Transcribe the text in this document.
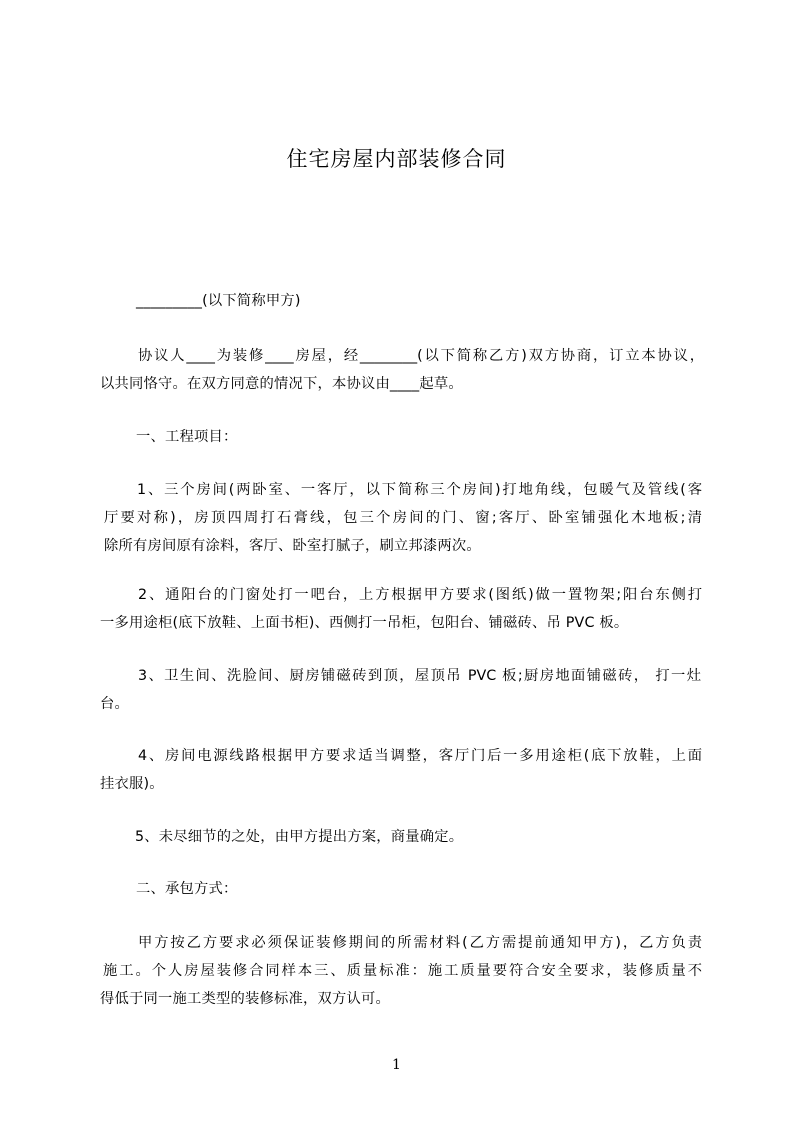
住宅房屋内部装修合同
_________(以下简称甲方)
协议人____为装修____房屋，经________(以下简称乙方)双方协商，订立本协议，
以共同恪守。在双方同意的情况下，本协议由____起草。
一、工程项目：
1、三个房间(两卧室、一客厅，以下简称三个房间)打地角线，包暖气及管线(客
厅要对称)，房顶四周打石膏线，包三个房间的门、窗;客厅、卧室铺强化木地板;清
除所有房间原有涂料，客厅、卧室打腻子，刷立邦漆两次。
2、通阳台的门窗处打一吧台，上方根据甲方要求(图纸)做一置物架;阳台东侧打
一多用途柜(底下放鞋、上面书柜)、西侧打一吊柜，包阳台、铺磁砖、吊 PVC 板。
3、卫生间、洗脸间、厨房铺磁砖到顶，屋顶吊 PVC 板;厨房地面铺磁砖， 打一灶
台。
4、房间电源线路根据甲方要求适当调整，客厅门后一多用途柜(底下放鞋，上面
挂衣服)。
5、未尽细节的之处，由甲方提出方案，商量确定。
二、承包方式：
甲方按乙方要求必须保证装修期间的所需材料(乙方需提前通知甲方)，乙方负责
施工。个人房屋装修合同样本三、质量标准：施工质量要符合安全要求，装修质量不
得低于同一施工类型的装修标准，双方认可。
1
